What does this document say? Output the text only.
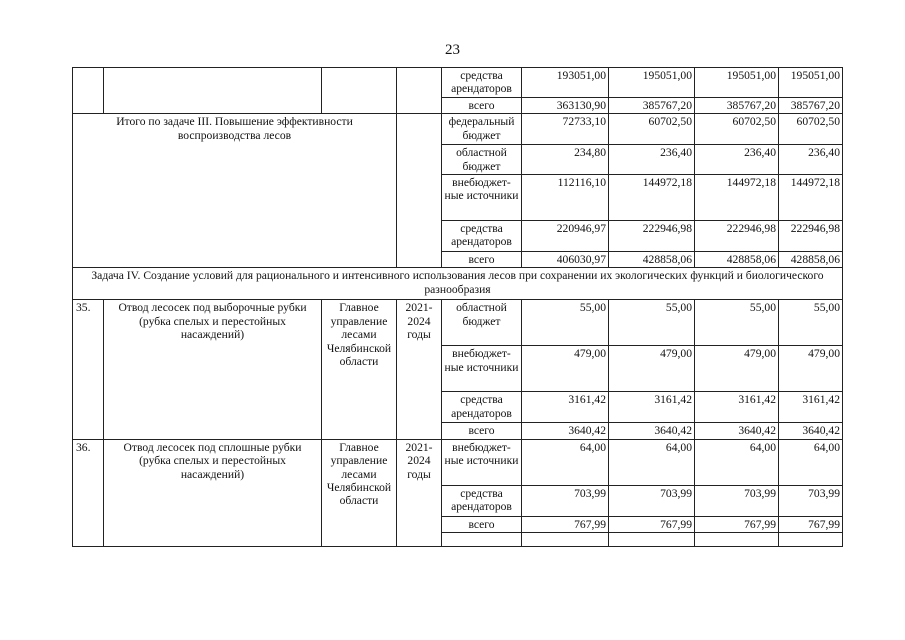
23
				средства арендаторов	193051,00	195051,00	195051,00	195051,00
				всего	363130,90	385767,20	385767,20	385767,20
Итого по задаче III. Повышение эффективности воспроизводства лесов				федеральный бюджет	72733,10	60702,50	60702,50	60702,50
				областной бюджет	234,80	236,40	236,40	236,40
				внебюджет-ные источники	112116,10	144972,18	144972,18	144972,18
				средства арендаторов	220946,97	222946,98	222946,98	222946,98
				всего	406030,97	428858,06	428858,06	428858,06
Задача IV. Создание условий для рационального и интенсивного использования лесов при сохранении их экологических функций и биологического разнообразия								
35.	Отвод лесосек под выборочные рубки (рубка спелых и перестойных насаждений)	Главное управление лесами Челябинской области	2021-2024 годы	областной бюджет	55,00	55,00	55,00	55,00
				внебюджет-ные источники	479,00	479,00	479,00	479,00
				средства арендаторов	3161,42	3161,42	3161,42	3161,42
				всего	3640,42	3640,42	3640,42	3640,42
36.	Отвод лесосек под сплошные рубки (рубка спелых и перестойных насаждений)	Главное управление лесами Челябинской области	2021-2024 годы	внебюджет-ные источники	64,00	64,00	64,00	64,00
				средства арендаторов	703,99	703,99	703,99	703,99
				всего	767,99	767,99	767,99	767,99
